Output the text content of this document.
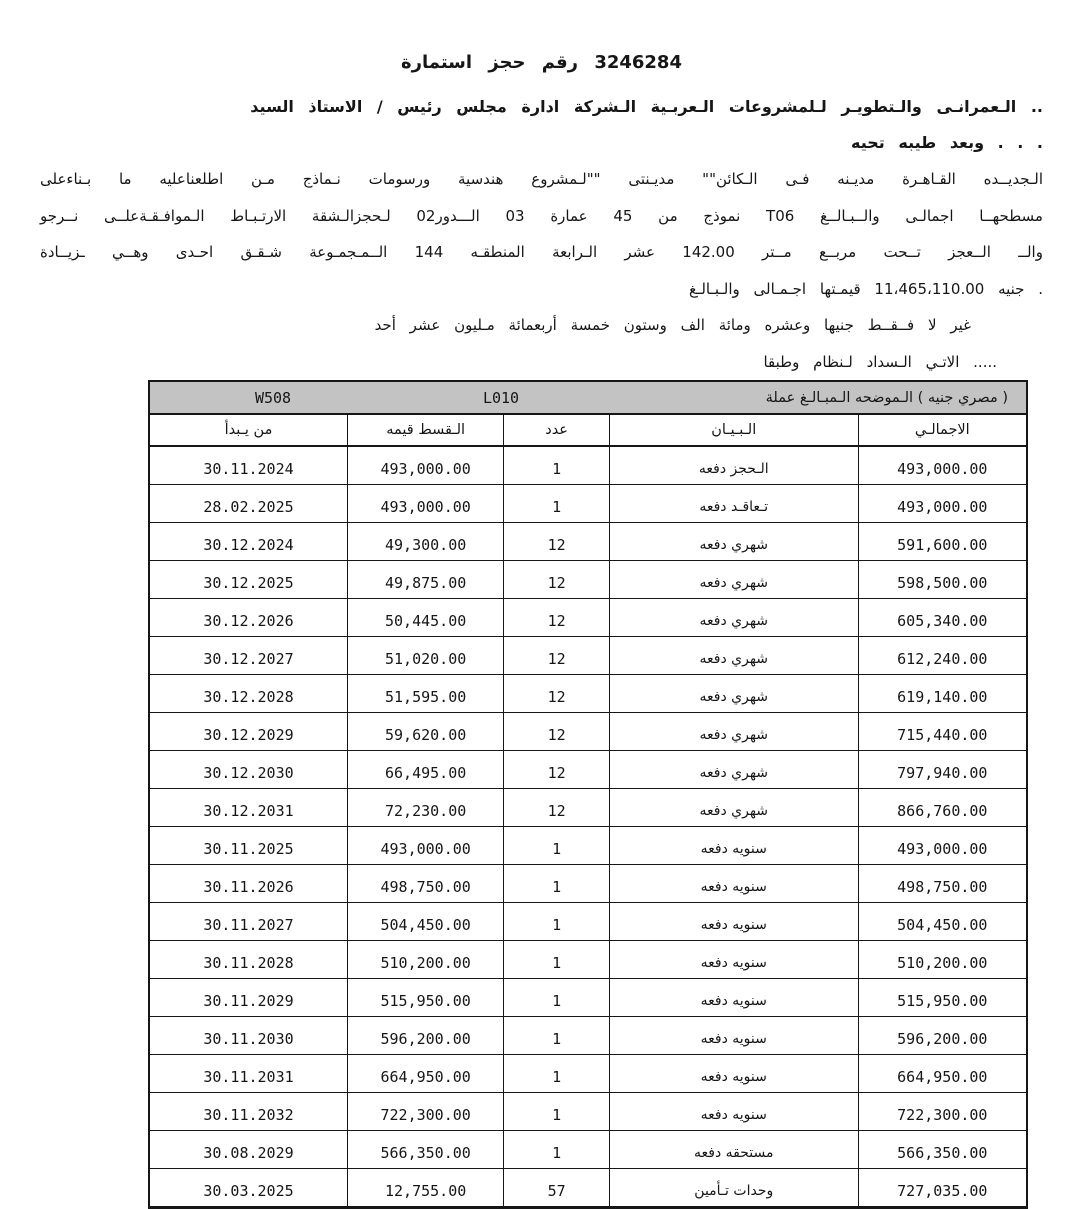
استمارة ‎حجز ‎رقم ‎3246284
السيد ‎الاستاذ ‎/ ‎رئيس ‎مجلس ‎ادارة ‎الـشركة ‎الـعربـية ‎لـلمشروعات ‎والـتطويـر ‎الـعمرانـى ‎..
تحيه ‎طيبه ‎وبعد ‎. ‎. ‎.
بـناءعلى ‎ما ‎اطلعناعليه ‎مـن ‎نـماذج ‎ورسومات ‎هندسية ‎لـمشروع"" ‎مديـنتى ‎""الـكائن ‎فـى ‎مديـنه ‎القـاهـرة ‎الـجديــده
نــرجو ‎الـموافـقـةعلــى ‎الارتـبـاط ‎لـحجزالـشقة ‎02الـــدور ‎03 ‎عمارة ‎45 ‎من ‎نموذج ‎T06 ‎والــبـالــغ ‎اجمالـى ‎مسطحهــا
ـزيــادة ‎وهــي ‎احـدى ‎شـقـق ‎الــمـجمـوعة ‎144 ‎المنطقـه ‎الـرابعة ‎عشر ‎142.00 ‎مــتر ‎مربــع ‎تــحت ‎الــعجز ‎والــ
والـبـالـغ ‎اجـمـالى ‎قيمـتها ‎11،465،110.00 ‎جنيه ‎.
أحد ‎عشر ‎مـليون ‎أربعمائة ‎خمسة ‎وستون ‎الف ‎ومائة ‎وعشره ‎جنيها ‎فــقــط ‎لا ‎غير
وطبقا ‎لـنظام ‎الـسداد ‎الاتـي ‎.....
W508	L010	عملة ‎الـمبـالـغ ‎الـموضحه ‎( ‎جنيه ‎مصري ‎)
يـبدأ ‎من	قيمه ‎الـقسط	عدد	الـبـيـان	الاجمالـي
30.11.2024	493,000.00	1	دفعه ‎الـحجز	493,000.00
28.02.2025	493,000.00	1	دفعه ‎تـعاقـد	493,000.00
30.12.2024	49,300.00	12	دفعه ‎شهري	591,600.00
30.12.2025	49,875.00	12	دفعه ‎شهري	598,500.00
30.12.2026	50,445.00	12	دفعه ‎شهري	605,340.00
30.12.2027	51,020.00	12	دفعه ‎شهري	612,240.00
30.12.2028	51,595.00	12	دفعه ‎شهري	619,140.00
30.12.2029	59,620.00	12	دفعه ‎شهري	715,440.00
30.12.2030	66,495.00	12	دفعه ‎شهري	797,940.00
30.12.2031	72,230.00	12	دفعه ‎شهري	866,760.00
30.11.2025	493,000.00	1	دفعه ‎سنويه	493,000.00
30.11.2026	498,750.00	1	دفعه ‎سنويه	498,750.00
30.11.2027	504,450.00	1	دفعه ‎سنويه	504,450.00
30.11.2028	510,200.00	1	دفعه ‎سنويه	510,200.00
30.11.2029	515,950.00	1	دفعه ‎سنويه	515,950.00
30.11.2030	596,200.00	1	دفعه ‎سنويه	596,200.00
30.11.2031	664,950.00	1	دفعه ‎سنويه	664,950.00
30.11.2032	722,300.00	1	دفعه ‎سنويه	722,300.00
30.08.2029	566,350.00	1	دفعه ‎مستحقه	566,350.00
30.03.2025	12,755.00	57	تـأمين ‎وحدات	727,035.00
